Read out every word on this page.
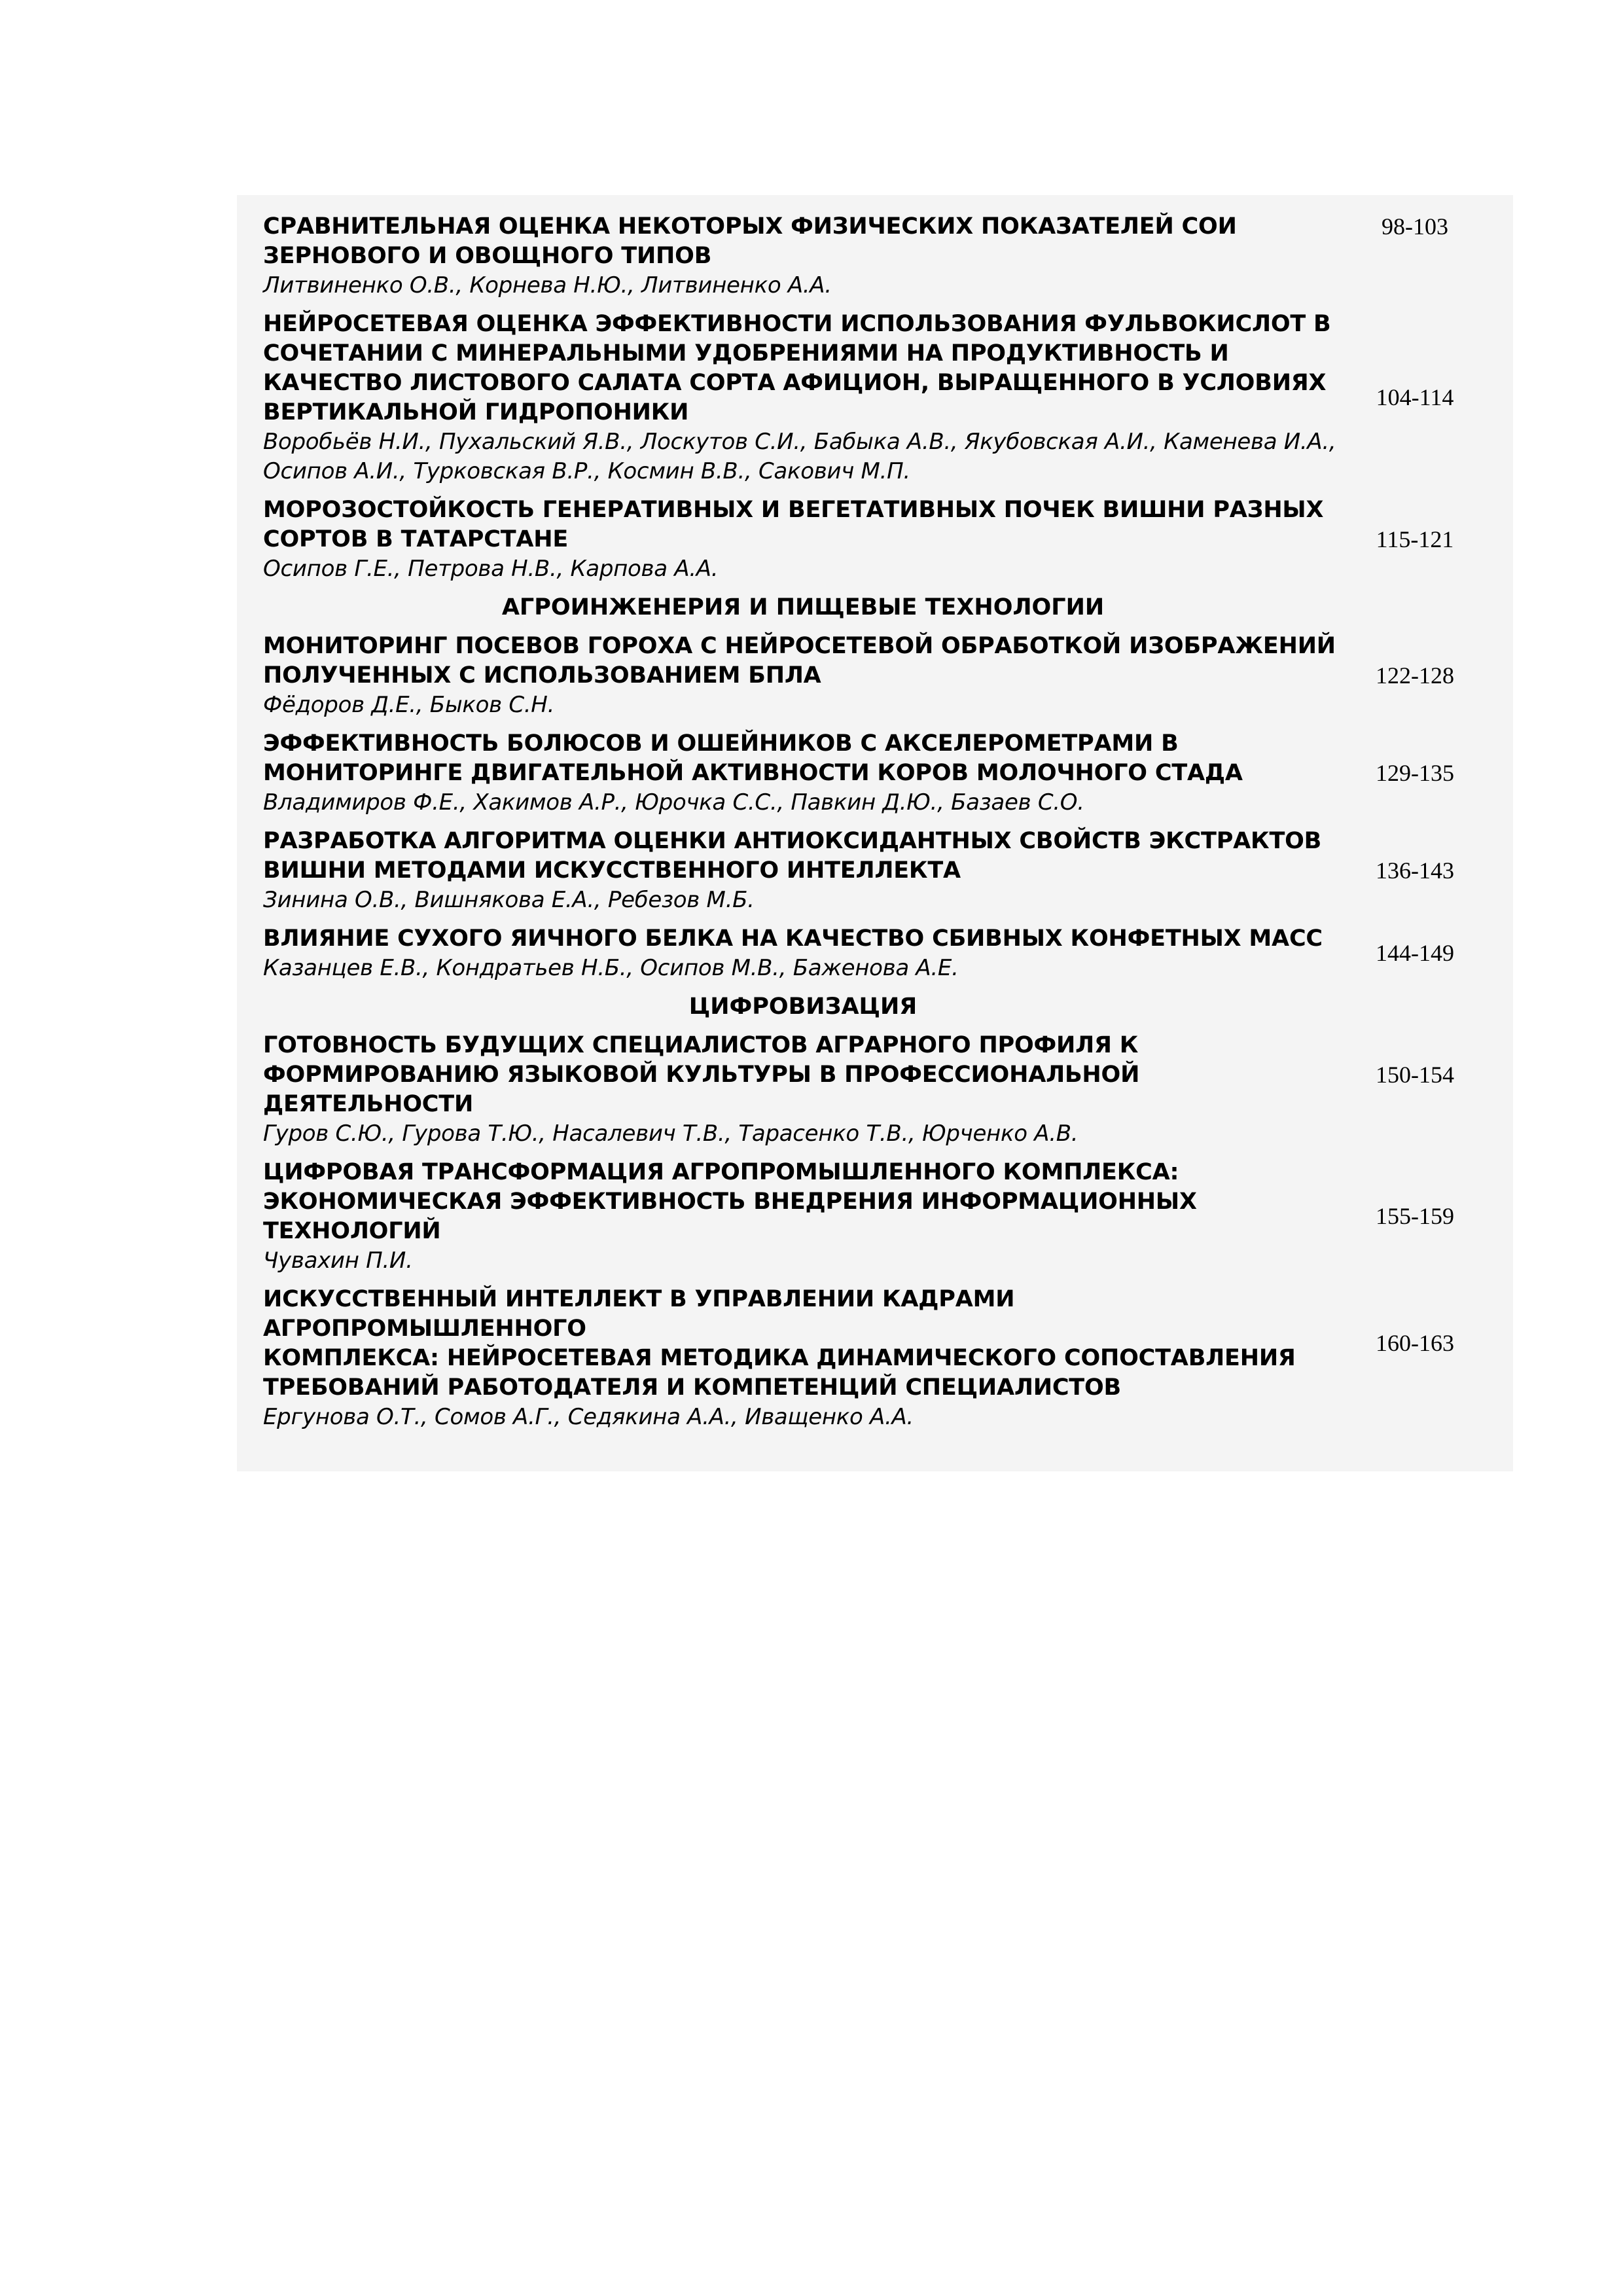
СРАВНИТЕЛЬНАЯ ОЦЕНКА НЕКОТОРЫХ ФИЗИЧЕСКИХ ПОКАЗАТЕЛЕЙ СОИ
ЗЕРНОВОГО И ОВОЩНОГО ТИПОВ
Литвиненко О.В., Корнева Н.Ю., Литвиненко А.А.
98-103
НЕЙРОСЕТЕВАЯ ОЦЕНКА ЭФФЕКТИВНОСТИ ИСПОЛЬЗОВАНИЯ ФУЛЬВОКИСЛОТ В
СОЧЕТАНИИ С МИНЕРАЛЬНЫМИ УДОБРЕНИЯМИ НА ПРОДУКТИВНОСТЬ И
КАЧЕСТВО ЛИСТОВОГО САЛАТА СОРТА АФИЦИОН, ВЫРАЩЕННОГО В УСЛОВИЯХ
ВЕРТИКАЛЬНОЙ ГИДРОПОНИКИ
Воробьёв Н.И., Пухальский Я.В., Лоскутов С.И., Бабыка А.В., Якубовская А.И., Каменева И.А.,
Осипов А.И., Турковская В.Р., Космин В.В., Сакович М.П.
104-114
МОРОЗОСТОЙКОСТЬ ГЕНЕРАТИВНЫХ И ВЕГЕТАТИВНЫХ ПОЧЕК ВИШНИ РАЗНЫХ
СОРТОВ В ТАТАРСТАНЕ
Осипов Г.Е., Петрова Н.В., Карпова А.А.
115-121
АГРОИНЖЕНЕРИЯ И ПИЩЕВЫЕ ТЕХНОЛОГИИ
МОНИТОРИНГ ПОСЕВОВ ГОРОХА С НЕЙРОСЕТЕВОЙ ОБРАБОТКОЙ ИЗОБРАЖЕНИЙ
ПОЛУЧЕННЫХ С ИСПОЛЬЗОВАНИЕМ БПЛА
Фёдоров Д.Е., Быков С.Н.
122-128
ЭФФЕКТИВНОСТЬ БОЛЮСОВ И ОШЕЙНИКОВ С АКСЕЛЕРОМЕТРАМИ В
МОНИТОРИНГЕ ДВИГАТЕЛЬНОЙ АКТИВНОСТИ КОРОВ МОЛОЧНОГО СТАДА
Владимиров Ф.Е., Хакимов А.Р., Юрочка С.С., Павкин Д.Ю., Базаев С.О.
129-135
РАЗРАБОТКА АЛГОРИТМА ОЦЕНКИ АНТИОКСИДАНТНЫХ СВОЙСТВ ЭКСТРАКТОВ
ВИШНИ МЕТОДАМИ ИСКУССТВЕННОГО ИНТЕЛЛЕКТА
Зинина О.В., Вишнякова Е.А., Ребезов М.Б.
136-143
ВЛИЯНИЕ СУХОГО ЯИЧНОГО БЕЛКА НА КАЧЕСТВО СБИВНЫХ КОНФЕТНЫХ МАСС
Казанцев Е.В., Кондратьев Н.Б., Осипов М.В., Баженова А.Е.
144-149
ЦИФРОВИЗАЦИЯ
ГОТОВНОСТЬ БУДУЩИХ СПЕЦИАЛИСТОВ АГРАРНОГО ПРОФИЛЯ К
ФОРМИРОВАНИЮ ЯЗЫКОВОЙ КУЛЬТУРЫ В ПРОФЕССИОНАЛЬНОЙ ДЕЯТЕЛЬНОСТИ
Гуров С.Ю., Гурова Т.Ю., Насалевич Т.В., Тарасенко Т.В., Юрченко А.В.
150-154
ЦИФРОВАЯ ТРАНСФОРМАЦИЯ АГРОПРОМЫШЛЕННОГО КОМПЛЕКСА:
ЭКОНОМИЧЕСКАЯ ЭФФЕКТИВНОСТЬ ВНЕДРЕНИЯ ИНФОРМАЦИОННЫХ
ТЕХНОЛОГИЙ
Чувахин П.И.
155-159
ИСКУССТВЕННЫЙ ИНТЕЛЛЕКТ В УПРАВЛЕНИИ КАДРАМИ АГРОПРОМЫШЛЕННОГО
КОМПЛЕКСА: НЕЙРОСЕТЕВАЯ МЕТОДИКА ДИНАМИЧЕСКОГО СОПОСТАВЛЕНИЯ
ТРЕБОВАНИЙ РАБОТОДАТЕЛЯ И КОМПЕТЕНЦИЙ СПЕЦИАЛИСТОВ
Ергунова О.Т., Сомов А.Г., Седякина А.А., Иващенко А.А.
160-163
